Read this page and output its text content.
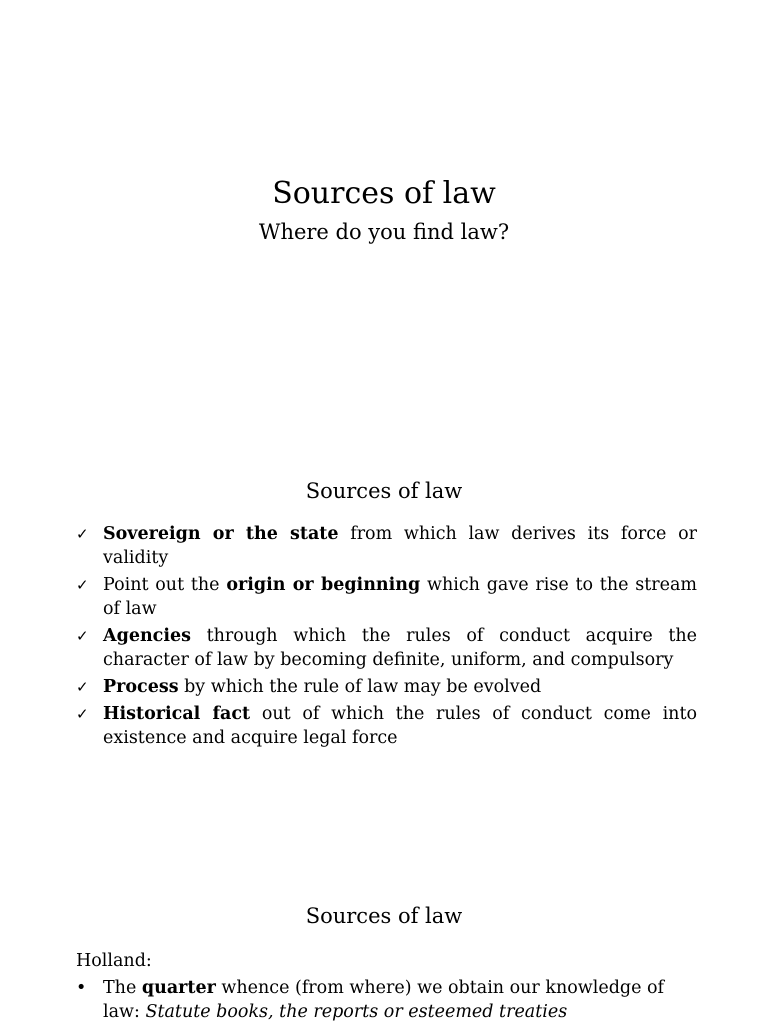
Sources of law
Where do you find law?
Sources of law
✓ Sovereign or the state from which law derives its force or validity
✓ Point out the origin or beginning which gave rise to the stream of law
✓ Agencies through which the rules of conduct acquire the character of law by becoming definite, uniform, and compulsory
✓ Process by which the rule of law may be evolved
✓ Historical fact out of which the rules of conduct come into existence and acquire legal force
Sources of law
Holland:
• The quarter whence (from where) we obtain our knowledge of law: Statute books, the reports or esteemed treaties
